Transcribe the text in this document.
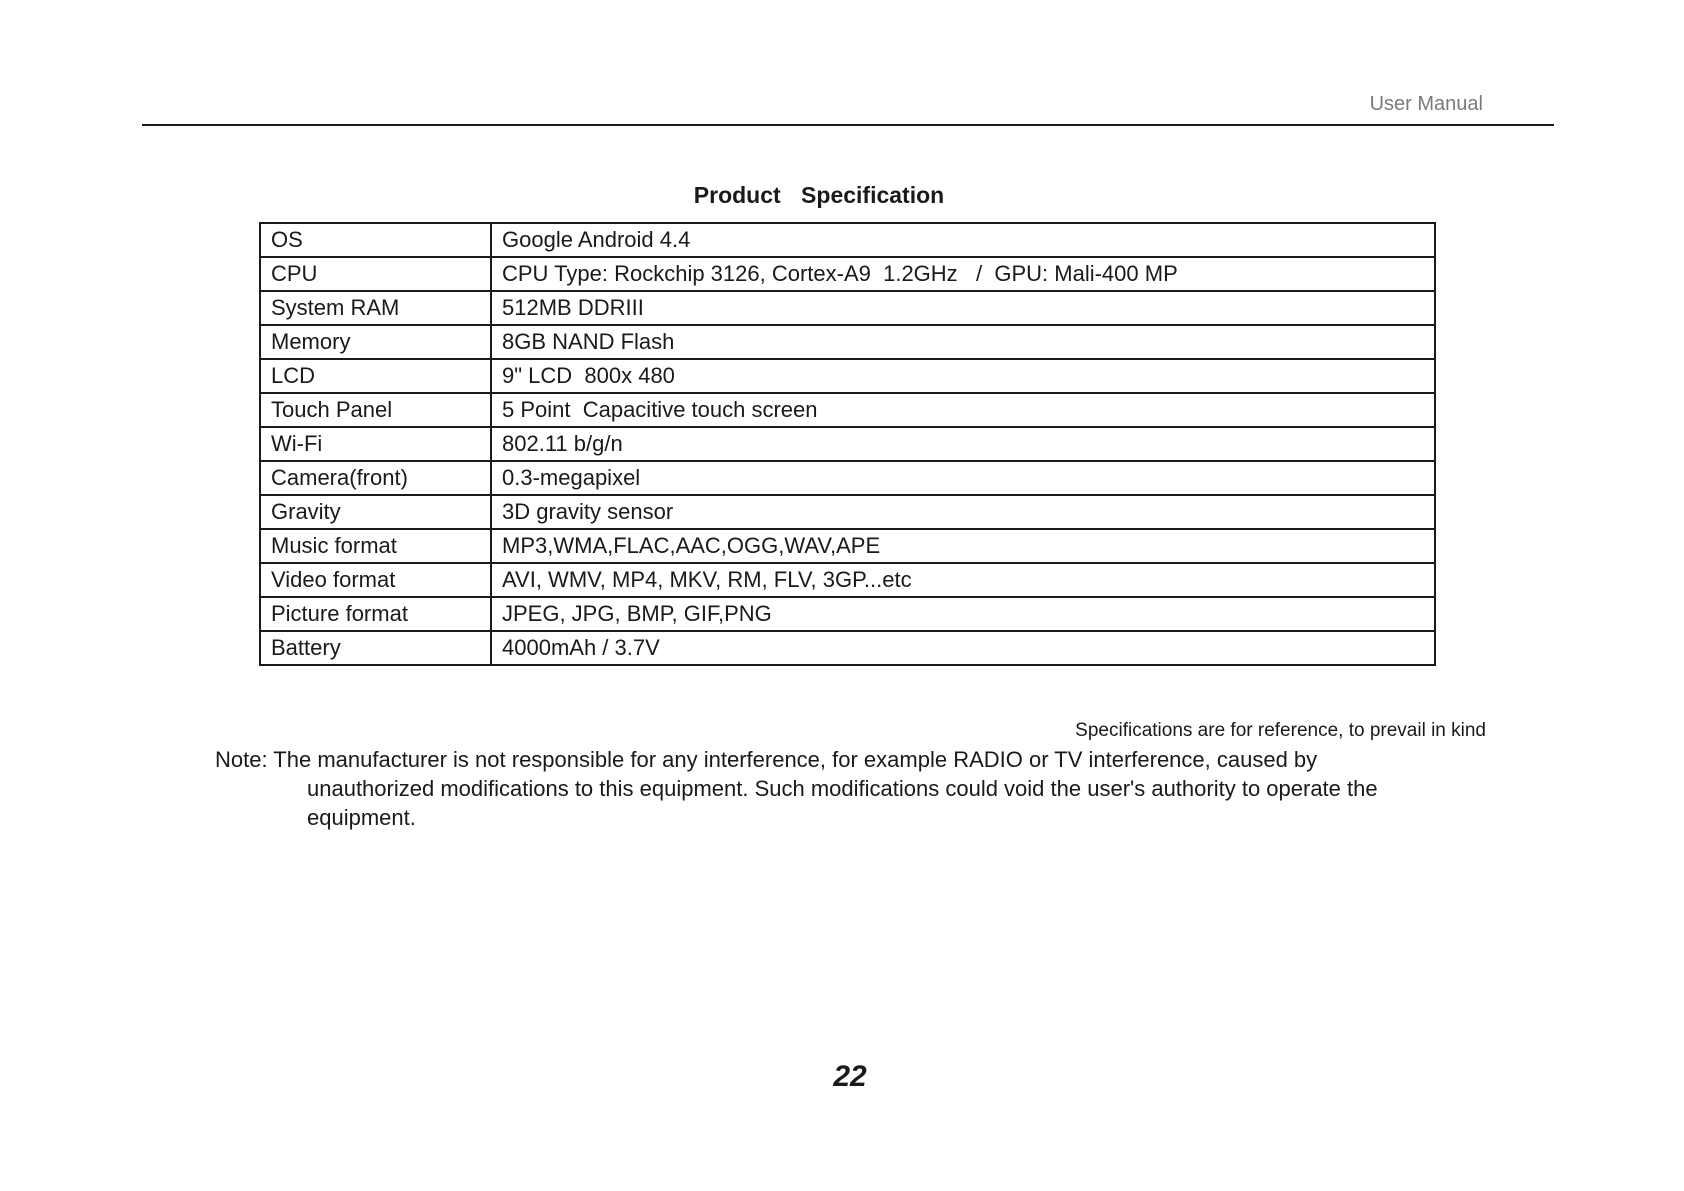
User Manual
Product Specification
OS	Google Android 4.4
CPU	CPU Type: Rockchip 3126, Cortex-A9  1.2GHz   /  GPU: Mali-400 MP
System RAM	512MB DDRIII
Memory	8GB NAND Flash
LCD	9" LCD  800x 480
Touch Panel	5 Point  Capacitive touch screen
Wi-Fi	802.11 b/g/n
Camera(front)	0.3-megapixel
Gravity	3D gravity sensor
Music format	MP3,WMA,FLAC,AAC,OGG,WAV,APE
Video format	AVI, WMV, MP4, MKV, RM, FLV, 3GP...etc
Picture format	JPEG, JPG, BMP, GIF,PNG
Battery	4000mAh / 3.7V
Specifications are for reference, to prevail in kind
Note: The manufacturer is not responsible for any interference, for example RADIO or TV interference, caused by
unauthorized modifications to this equipment. Such modifications could void the user's authority to operate the
equipment.
22
